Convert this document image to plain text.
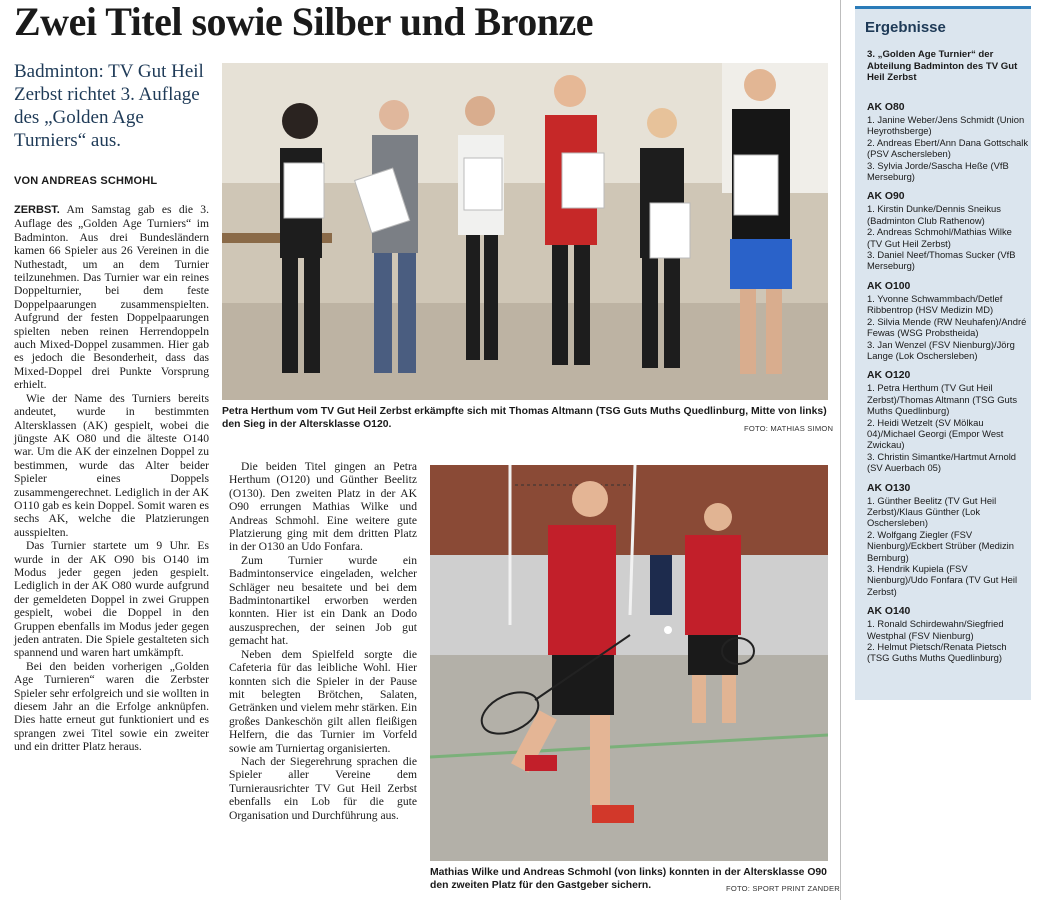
Zwei Titel sowie Silber und Bronze
Badminton: TV Gut Heil Zerbst richtet 3. Auflage des „Golden Age Turniers“ aus.
VON ANDREAS SCHMOHL

ZERBST. Am Samstag gab es die 3. Auflage des „Golden Age Turniers“ im Badminton. Aus drei Bundesländern kamen 66 Spieler aus 26 Vereinen in die Nuthestadt, um an dem Turnier teilzunehmen. Das Turnier war ein reines Doppelturnier, bei dem feste Doppelpaarungen zusammenspielten. Aufgrund der festen Doppelpaarungen spielten neben reinen Herrendoppeln auch Mixed-Doppel zusammen. Hier gab es jedoch die Besonderheit, dass das Mixed-Doppel drei Punkte Vorsprung erhielt.

Wie der Name des Turniers bereits andeutet, wurde in bestimmten Altersklassen (AK) gespielt, wobei die jüngste AK O80 und die älteste O140 war. Um die AK der einzelnen Doppel zu bestimmen, wurde das Alter beider Spieler eines Doppels zusammengerechnet. Lediglich in der AK O110 gab es kein Doppel. Somit waren es sechs AK, welche die Platzierungen ausspielten.

Das Turnier startete um 9 Uhr. Es wurde in der AK O90 bis O140 im Modus jeder gegen jeden gespielt. Lediglich in der AK O80 wurde aufgrund der gemeldeten Doppel in zwei Gruppen gespielt, wobei die Doppel in den Gruppen ebenfalls im Modus jeder gegen jeden antraten. Die Spiele gestalteten sich spannend und waren hart umkämpft.

Bei den beiden vorherigen „Golden Age Turnieren“ waren die Zerbster Spieler sehr erfolgreich und sie wollten in diesem Jahr an die Erfolge anknüpfen. Dies hatte erneut gut funktioniert und es sprangen zwei Titel sowie ein zweiter und ein dritter Platz heraus.

Die beiden Titel gingen an Petra Herthum (O120) und Günther Beelitz (O130). Den zweiten Platz in der AK O90 errungen Mathias Wilke und Andreas Schmohl. Eine weitere gute Platzierung ging mit dem dritten Platz in der O130 an Udo Fonfara.

Zum Turnier wurde ein Badmintonservice eingeladen, welcher Schläger neu besaitete und bei dem Badmintonartikel erworben werden konnten. Hier ist ein Dank an Dodo auszusprechen, der seinen Job gut gemacht hat.

Neben dem Spielfeld sorgte die Cafeteria für das leibliche Wohl. Hier konnten sich die Spieler in der Pause mit belegten Brötchen, Salaten, Getränken und vielem mehr stärken. Ein großes Dankeschön gilt allen fleißigen Helfern, die das Turnier im Vorfeld sowie am Turniertag organisierten.

Nach der Siegerehrung sprachen die Spieler aller Vereine dem Turnierausrichter TV Gut Heil Zerbst ebenfalls ein Lob für die gute Organisation und Durchführung aus.

Petra Herthum vom TV Gut Heil Zerbst erkämpfte sich mit Thomas Altmann (TSG Guts Muths Quedlinburg, Mitte von links) den Sieg in der Altersklasse O120.	FOTO: MATHIAS SIMON
Mathias Wilke und Andreas Schmohl (von links) konnten in der Altersklasse O90 den zweiten Platz für den Gastgeber sichern.	FOTO: SPORT PRINT ZANDER
Ergebnisse
3. „Golden Age Turnier“ der Abteilung Badminton des TV Gut Heil Zerbst
AK O80
1. Janine Weber/Jens Schmidt (Union Heyrothsberge)
2. Andreas Ebert/Ann Dana Gottschalk (PSV Aschersleben)
3. Sylvia Jorde/Sascha Heße (VfB Merseburg)
AK O90
1. Kirstin Dunke/Dennis Sneikus (Badminton Club Rathenow)
2. Andreas Schmohl/Mathias Wilke (TV Gut Heil Zerbst)
3. Daniel Neef/Thomas Sucker (VfB Merseburg)
AK O100
1. Yvonne Schwammbach/Detlef Ribbentrop (HSV Medizin MD)
2. Silvia Mende (RW Neuhafen)/André Fewas (WSG Probstheida)
3. Jan Wenzel (FSV Nienburg)/Jörg Lange (Lok Oschersleben)
AK O120
1. Petra Herthum (TV Gut Heil Zerbst)/Thomas Altmann (TSG Guts Muths Quedlinburg)
2. Heidi Wetzelt (SV Mölkau 04)/Michael Georgi (Empor West Zwickau)
3. Christin Simantke/Hartmut Arnold (SV Auerbach 05)
AK O130
1. Günther Beelitz (TV Gut Heil Zerbst)/Klaus Günther (Lok Oschersleben)
2. Wolfgang Ziegler (FSV Nienburg)/Eckbert Strüber (Medizin Bernburg)
3. Hendrik Kupiela (FSV Nienburg)/Udo Fonfara (TV Gut Heil Zerbst)
AK O140
1. Ronald Schirdewahn/Siegfried Westphal (FSV Nienburg)
2. Helmut Pietsch/Renata Pietsch (TSG Guths Muths Quedlinburg)
